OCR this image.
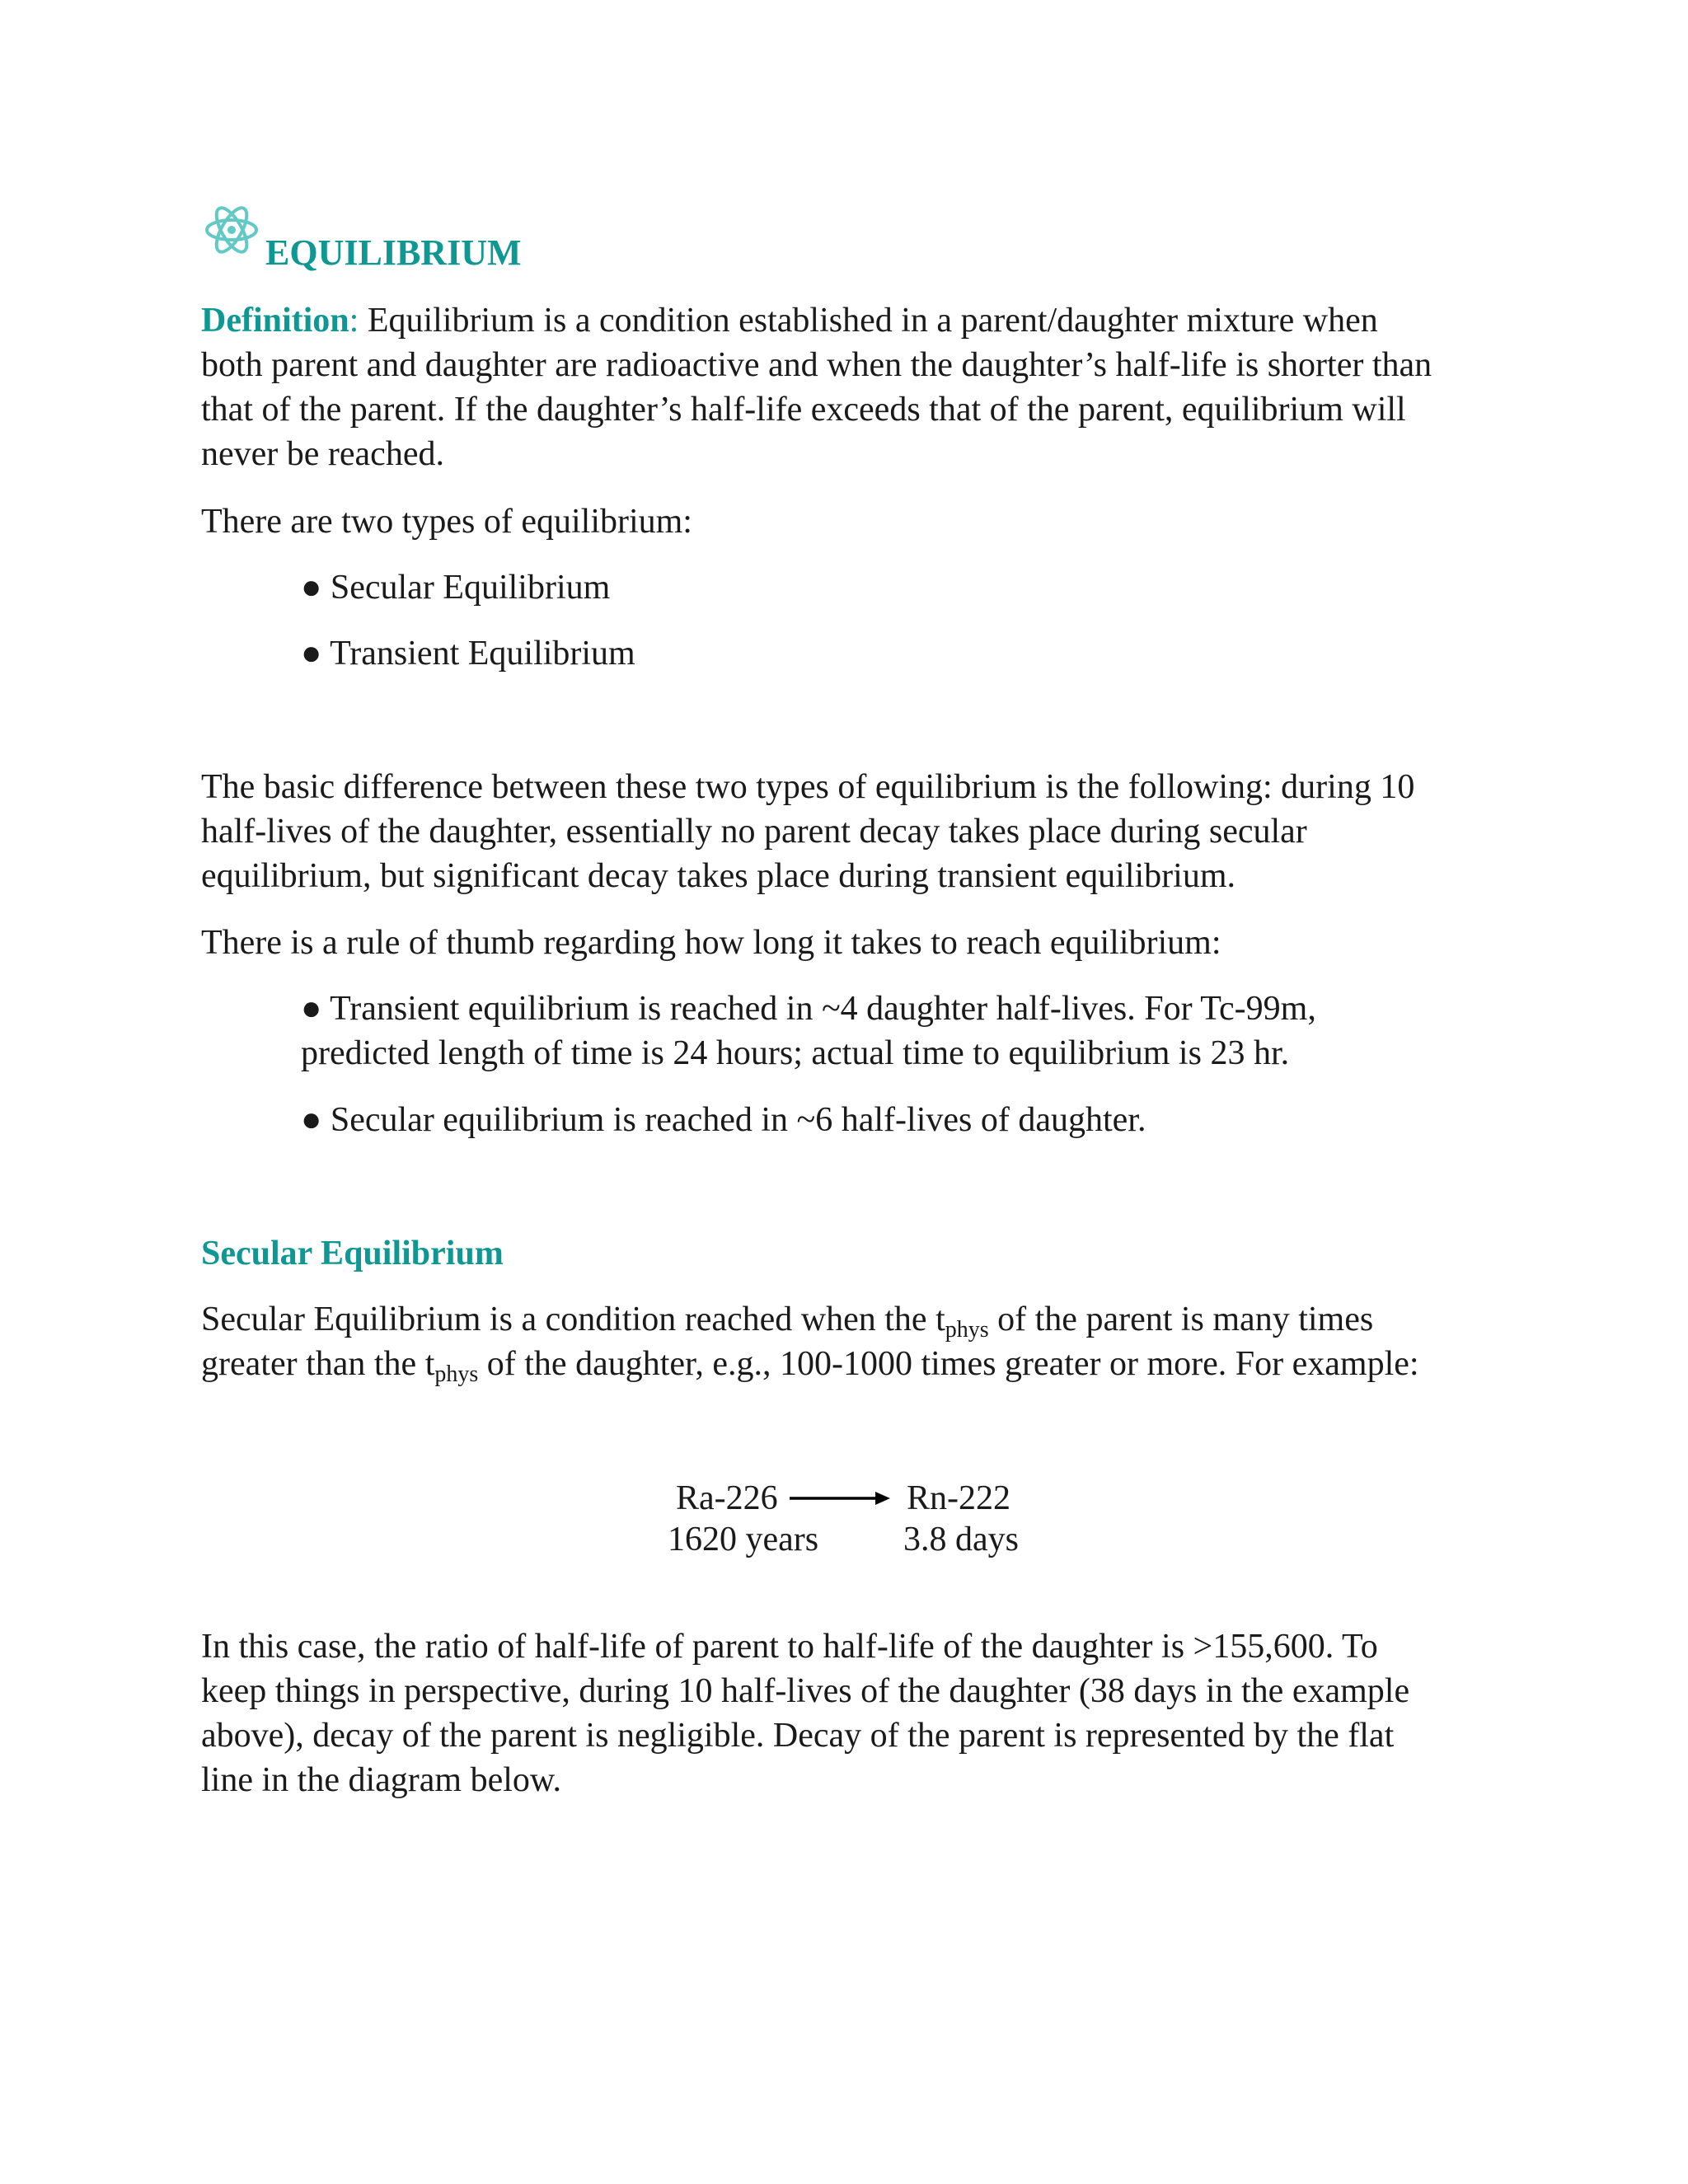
EQUILIBRIUM
Definition: Equilibrium is a condition established in a parent/daughter mixture when
both parent and daughter are radioactive and when the daughter’s half-life is shorter than
that of the parent. If the daughter’s half-life exceeds that of the parent, equilibrium will
never be reached.
There are two types of equilibrium:
● Secular Equilibrium
● Transient Equilibrium
The basic difference between these two types of equilibrium is the following: during 10
half-lives of the daughter, essentially no parent decay takes place during secular
equilibrium, but significant decay takes place during transient equilibrium.
There is a rule of thumb regarding how long it takes to reach equilibrium:
● Transient equilibrium is reached in ~4 daughter half-lives. For Tc-99m,
predicted length of time is 24 hours; actual time to equilibrium is 23 hr.
● Secular equilibrium is reached in ~6 half-lives of daughter.
Secular Equilibrium
Secular Equilibrium is a condition reached when the $t_{phys}$ of the parent is many times
greater than the $t_{phys}$ of the daughter, e.g., 100-1000 times greater or more. For example:
Ra-226	Rn-222
1620 years 3.8 days
In this case, the ratio of half-life of parent to half-life of the daughter is >155,600. To
keep things in perspective, during 10 half-lives of the daughter (38 days in the example
above), decay of the parent is negligible. Decay of the parent is represented by the flat
line in the diagram below.
